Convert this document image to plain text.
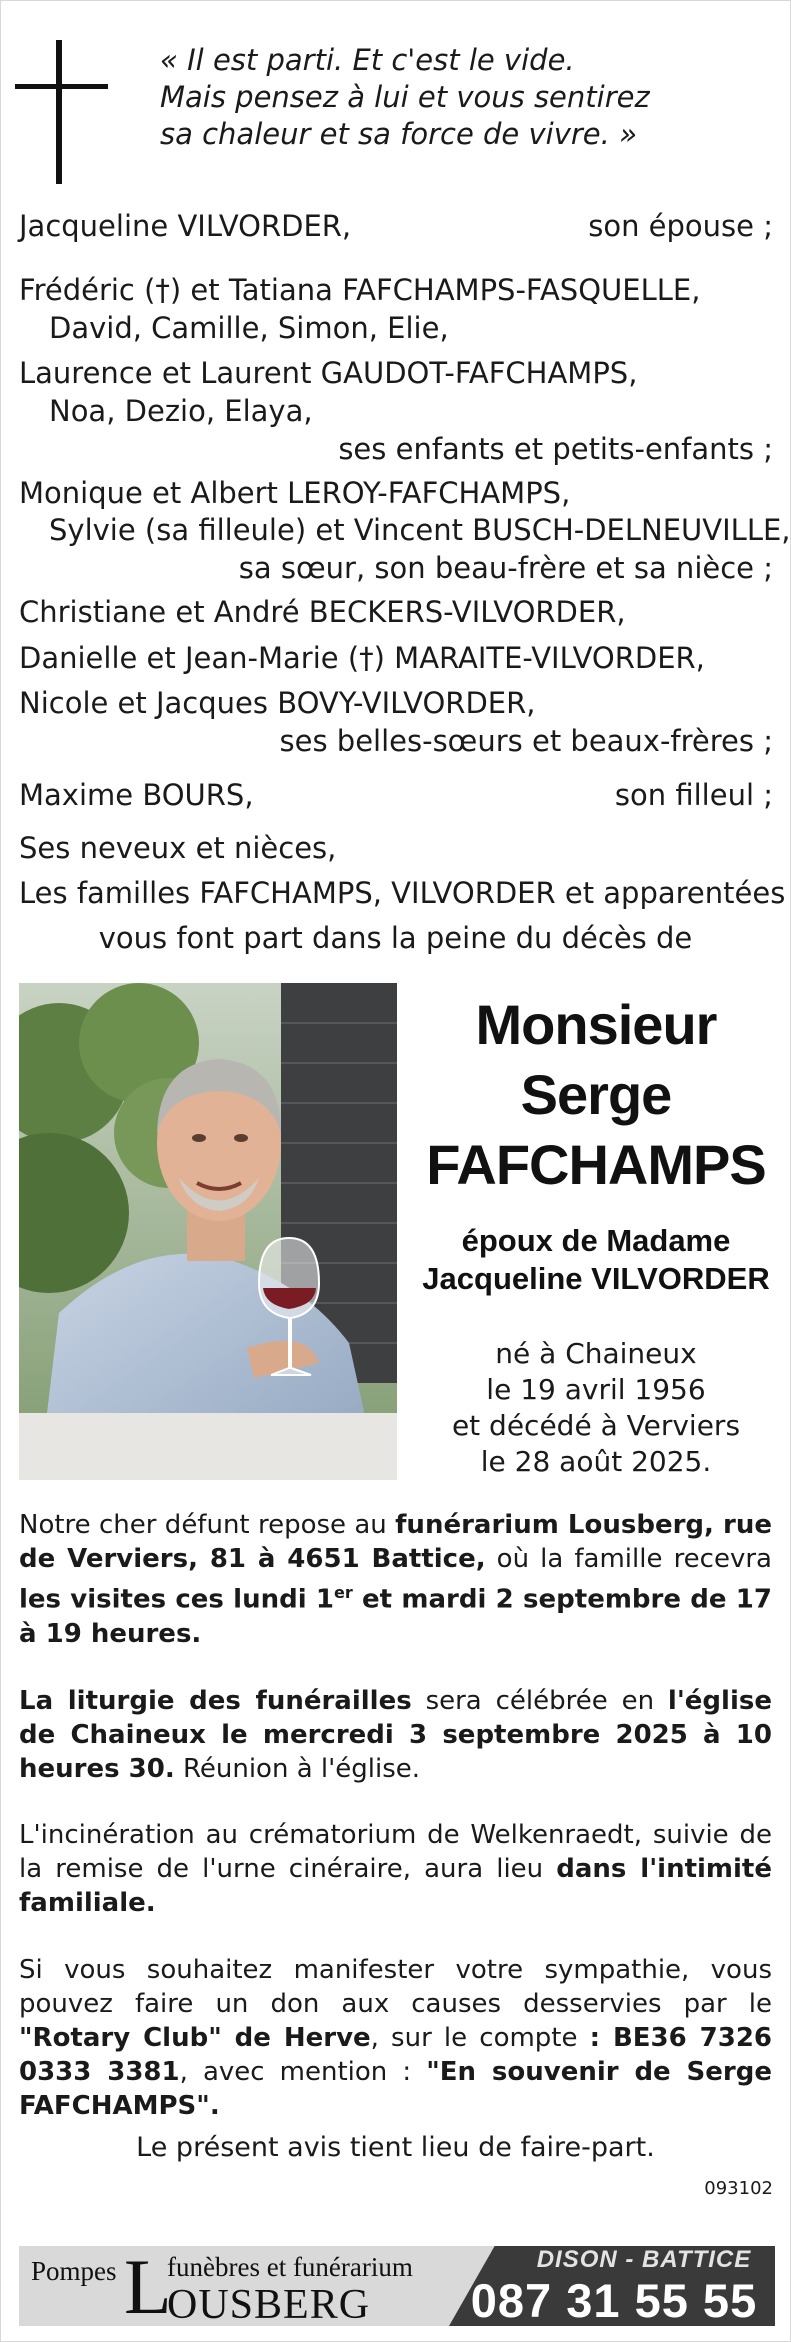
« Il est parti. Et c'est le vide.
Mais pensez à lui et vous sentirez
sa chaleur et sa force de vivre. »
Jacqueline VILVORDER,	son épouse ;
Frédéric (†) et Tatiana FAFCHAMPS-FASQUELLE,
David, Camille, Simon, Elie,
Laurence et Laurent GAUDOT-FAFCHAMPS,
Noa, Dezio, Elaya,
ses enfants et petits-enfants ;
Monique et Albert LEROY-FAFCHAMPS,
Sylvie (sa filleule) et Vincent BUSCH-DELNEUVILLE,
sa sœur, son beau-frère et sa nièce ;
Christiane et André BECKERS-VILVORDER,
Danielle et Jean-Marie (†) MARAITE-VILVORDER,
Nicole et Jacques BOVY-VILVORDER,
ses belles-sœurs et beaux-frères ;
Maxime BOURS,	son filleul ;
Ses neveux et nièces,
Les familles FAFCHAMPS, VILVORDER et apparentées
vous font part dans la peine du décès de
Monsieur
Serge
FAFCHAMPS
époux de Madame
Jacqueline VILVORDER
né à Chaineux
le 19 avril 1956
et décédé à Verviers
le 28 août 2025.
Notre cher défunt repose au funérarium Lousberg, rue de Verviers, 81 à 4651 Battice, où la famille recevra les visites ces lundi 1er et mardi 2 septembre de 17 à 19 heures.
La liturgie des funérailles sera célébrée en l'église de Chaineux le mercredi 3 septembre 2025 à 10 heures 30. Réunion à l'église.
L'incinération au crématorium de Welkenraedt, suivie de la remise de l'urne cinéraire, aura lieu dans l'intimité familiale.
Si vous souhaitez manifester votre sympathie, vous pouvez faire un don aux causes desservies par le "Rotary Club" de Herve, sur le compte : BE36 7326 0333 3381, avec mention : "En souvenir de Serge FAFCHAMPS".
Le présent avis tient lieu de faire-part.
093102
Pompes L
funèbres et funérarium
OUSBERG
DISON - BATTICE
087 31 55 55
